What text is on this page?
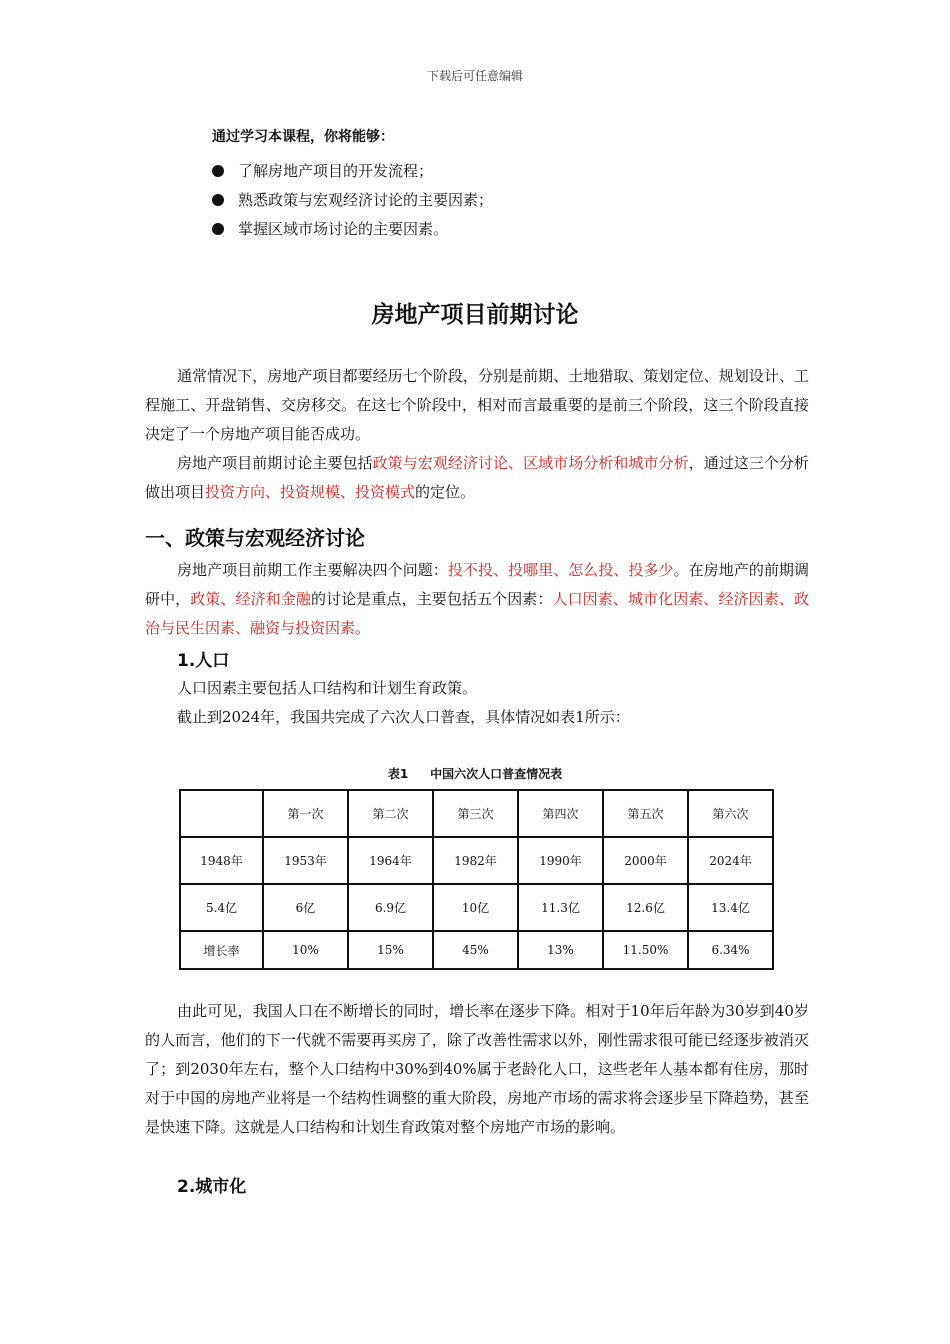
下载后可任意编辑
通过学习本课程，你将能够：
了解房地产项目的开发流程；
熟悉政策与宏观经济讨论的主要因素；
掌握区域市场讨论的主要因素。
房地产项目前期讨论

通常情况下，房地产项目都要经历七个阶段，分别是前期、土地猎取、策划定位、规划设计、工程施工、开盘销售、交房移交。在这七个阶段中，相对而言最重要的是前三个阶段，这三个阶段直接决定了一个房地产项目能否成功。

房地产项目前期讨论主要包括政策与宏观经济讨论、区域市场分析和城市分析，通过这三个分析做出项目投资方向、投资规模、投资模式的定位。

一、政策与宏观经济讨论

房地产项目前期工作主要解决四个问题：投不投、投哪里、怎么投、投多少。在房地产的前期调研中，政策、经济和金融的讨论是重点，主要包括五个因素：人口因素、城市化因素、经济因素、政治与民生因素、融资与投资因素。

1.人口
人口因素主要包括人口结构和计划生育政策。
截止到2024年，我国共完成了六次人口普查，具体情况如表1所示：
表1 中国六次人口普查情况表
	第一次	第二次	第三次	第四次	第五次	第六次
1948年	1953年	1964年	1982年	1990年	2000年	2024年
5.4亿	6亿	6.9亿	10亿	11.3亿	12.6亿	13.4亿
增长率	10%	15%	45%	13%	11.50%	6.34%

由此可见，我国人口在不断增长的同时，增长率在逐步下降。相对于10年后年龄为30岁到40岁的人而言，他们的下一代就不需要再买房了，除了改善性需求以外，刚性需求很可能已经逐步被消灭了；到2030年左右，整个人口结构中30%到40%属于老龄化人口，这些老年人基本都有住房，那时对于中国的房地产业将是一个结构性调整的重大阶段，房地产市场的需求将会逐步呈下降趋势，甚至是快速下降。这就是人口结构和计划生育政策对整个房地产市场的影响。

2.城市化
